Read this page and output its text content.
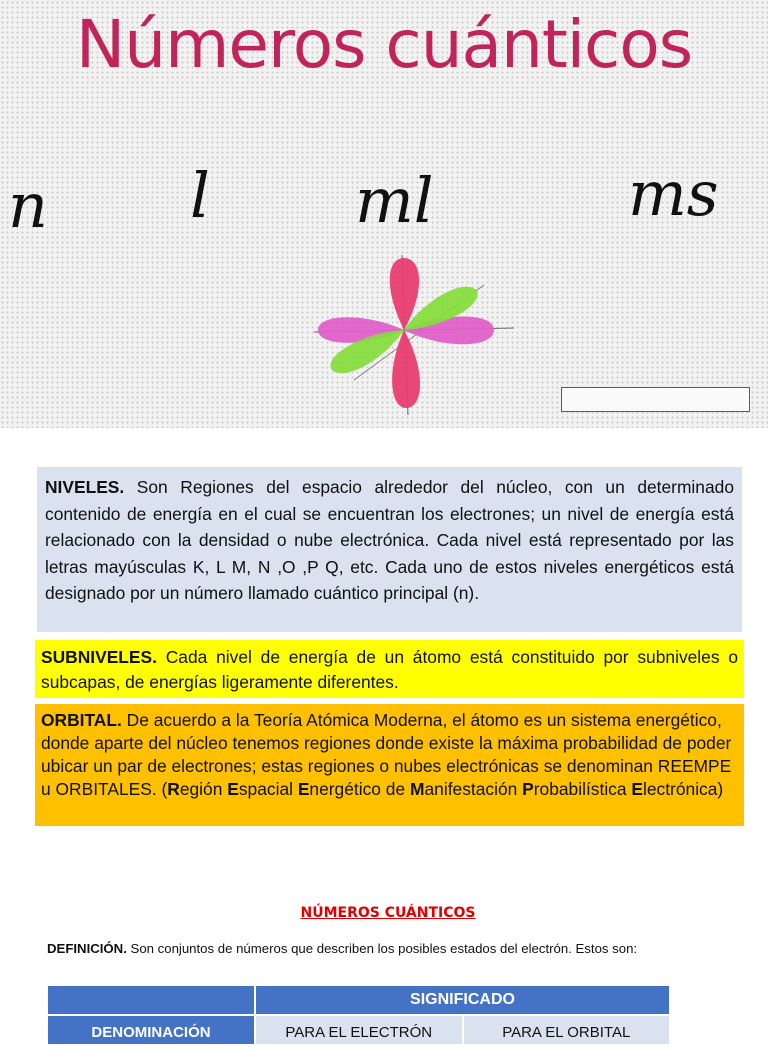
Números cuánticos
n l ml	ms
NIVELES. Son Regiones del espacio alrededor del núcleo, con un determinado contenido de energía en el cual se encuentran los electrones; un nivel de energía está relacionado con la densidad o nube electrónica. Cada nivel está representado por las letras mayúsculas K, L M, N ,O ,P Q, etc. Cada uno de estos niveles energéticos está designado por un número llamado cuántico principal (n).
SUBNIVELES. Cada nivel de energía de un átomo está constituido por subniveles o subcapas, de energías ligeramente diferentes.
ORBITAL. De acuerdo a la Teoría Atómica Moderna, el átomo es un sistema energético, donde aparte del núcleo tenemos regiones donde existe la máxima probabilidad de poder ubicar un par de electrones; estas regiones o nubes electrónicas se denominan REEMPE u ORBITALES. (Región Espacial Energético de Manifestación Probabilística Electrónica)
NÚMEROS CUÁNTICOS
DEFINICIÓN. Son conjuntos de números que describen los posibles estados del electrón. Estos son:
SIGNIFICADO
DENOMINACIÓN	PARA EL ELECTRÓN	PARA EL ORBITAL
